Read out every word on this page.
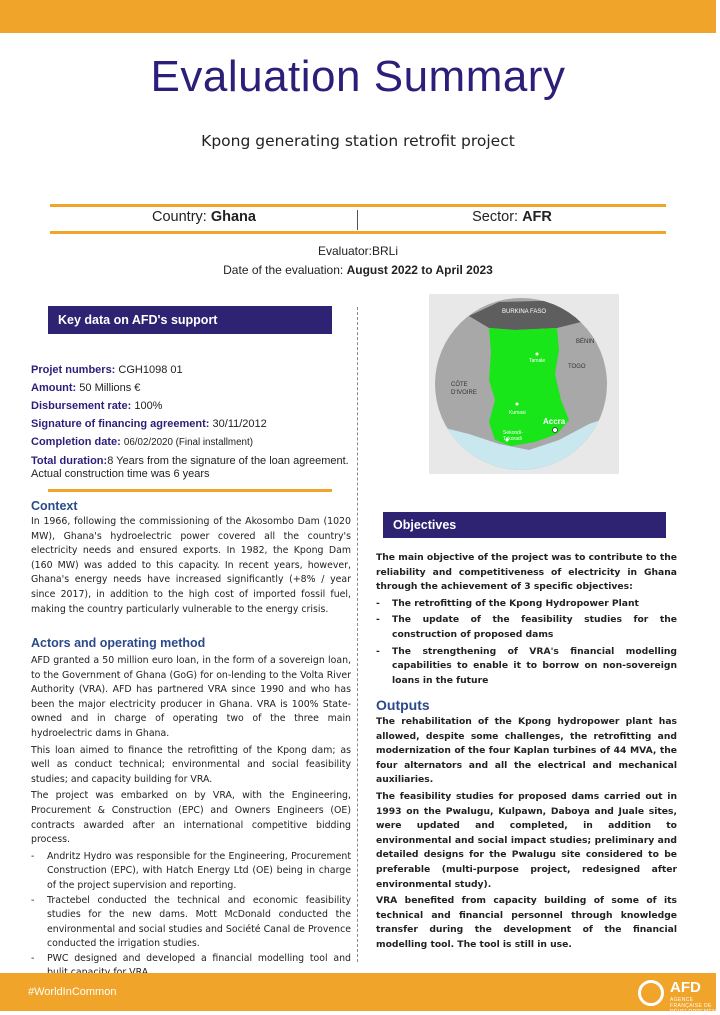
Evaluation Summary
Kpong generating station retrofit project
Country: Ghana	Sector: AFR
Evaluator:BRLi
Date of the evaluation: August 2022 to April 2023
Key data on AFD's support
Projet numbers: CGH1098 01
Amount: 50 Millions €
Disbursement rate: 100%
Signature of financing agreement: 30/11/2012
Completion date: 06/02/2020 (Final installment)
Total duration:8 Years from the signature of the loan agreement. Actual construction time was 6 years
Context
In 1966, following the commissioning of the Akosombo Dam (1020 MW), Ghana's hydroelectric power covered all the country's electricity needs and ensured exports. In 1982, the Kpong Dam (160 MW) was added to this capacity. In recent years, however, Ghana's energy needs have increased significantly (+8% / year since 2017), in addition to the high cost of imported fossil fuel, making the country particularly vulnerable to the energy crisis.
Actors and operating method

AFD granted a 50 million euro loan, in the form of a sovereign loan, to the Government of Ghana (GoG) for on-lending to the Volta River Authority (VRA). AFD has partnered VRA since 1990 and who has been the major electricity producer in Ghana. VRA is 100% State-owned and in charge of operating two of the three main hydroelectric dams in Ghana.

This loan aimed to finance the retrofitting of the Kpong dam; as well as conduct technical; environmental and social feasibility studies; and capacity building for VRA.

The project was embarked on by VRA, with the Engineering, Procurement & Construction (EPC) and Owners Engineers (OE) contracts awarded after an international competitive bidding process.

- Andritz Hydro was responsible for the Engineering, Procurement Construction (EPC), with Hatch Energy Ltd (OE) being in charge of the project supervision and reporting.
- Tractebel conducted the technical and economic feasibility studies for the new dams. Mott McDonald conducted the environmental and social studies and Société Canal de Provence conducted the irrigation studies.
- PWC designed and developed a financial modelling tool and
BURKINA FASO
BÉNIN
TOGO
CÔTE
D'IVOIRE
Tamale
Kumasi
Accra
Sekondi-
Takoradi
Objectives

The main objective of the project was to contribute to the reliability and competitiveness of electricity in Ghana through the achievement of 3 specific objectives:

- The retrofitting of the Kpong Hydropower Plant
- The update of the feasibility studies for the construction of proposed dams
- The strengthening of VRA's financial modelling capabilities to enable it to borrow on non-sovereign loans in the future
Outputs

The rehabilitation of the Kpong hydropower plant has allowed, despite some challenges, the retrofitting and modernization of the four Kaplan turbines of 44 MVA, the four alternators and all the electrical and mechanical auxiliaries.

The feasibility studies for proposed dams carried out in 1993 on the Pwalugu, Kulpawn, Daboya and Juale sites, were updated and completed, in addition to environmental and social impact studies; preliminary and detailed designs for the Pwalugu site considered to be preferable (multi-purpose project, redesigned after environmental study).

VRA benefited from capacity building of some of its technical and financial personnel through knowledge transfer during the development of the financial modelling tool. The tool is still in use.

#WorldInCommon	AFD
AGENCE FRANÇAISE DE DÉVELOPPEMENT
